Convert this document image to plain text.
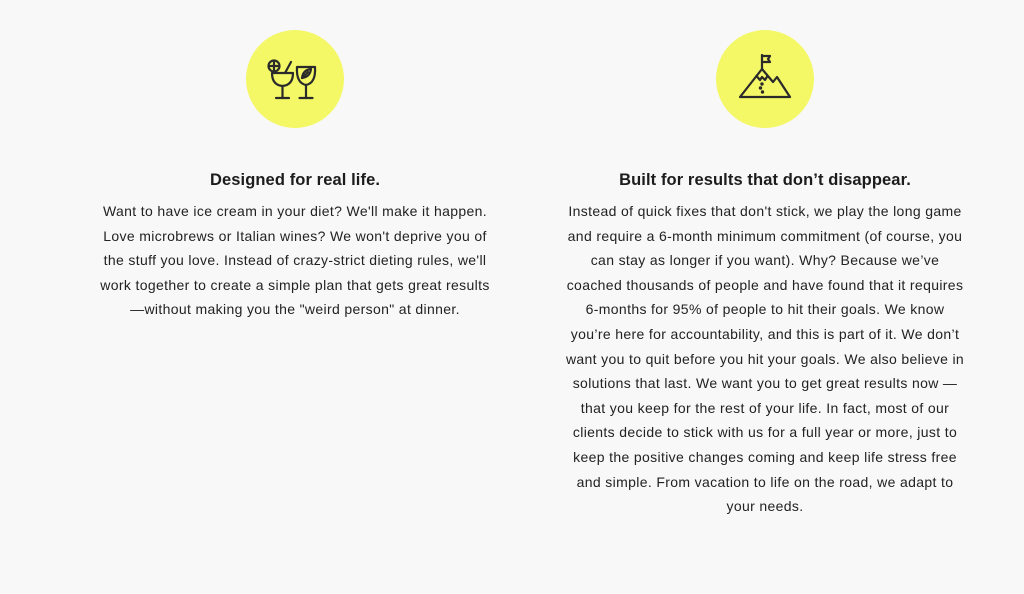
Designed for real life.

Want to have ice cream in your diet? We'll make it happen. Love microbrews or Italian wines? We won't deprive you of the stuff you love. Instead of crazy-strict dieting rules, we'll work together to create a simple plan that gets great results—without making you the "weird person" at dinner.

Built for results that don’t disappear.

Instead of quick fixes that don't stick, we play the long game and require a 6-month minimum commitment (of course, you can stay as longer if you want). Why? Because we’ve coached thousands of people and have found that it requires 6-months for 95% of people to hit their goals. We know you’re here for accountability, and this is part of it. We don’t want you to quit before you hit your goals. We also believe in solutions that last. We want you to get great results now — that you keep for the rest of your life. In fact, most of our clients decide to stick with us for a full year or more, just to keep the positive changes coming and keep life stress free and simple. From vacation to life on the road, we adapt to your needs.
